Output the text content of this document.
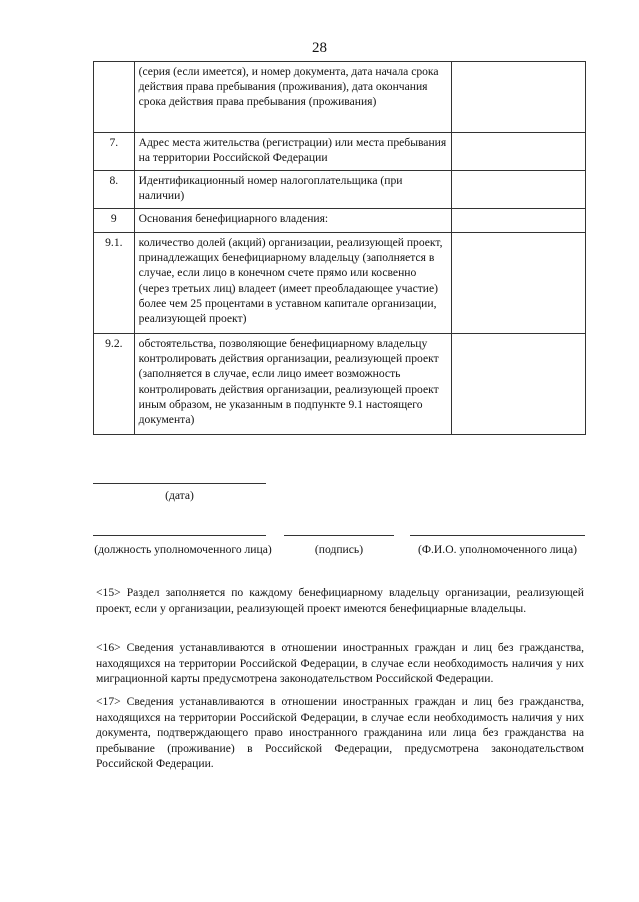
28
	(серия (если имеется), и номер документа, дата начала срока действия права пребывания (проживания), дата окончания срока действия права пребывания (проживания)	
7.	Адрес места жительства (регистрации) или места пребывания на территории Российской Федерации	
8.	Идентификационный номер налогоплательщика (при наличии)	
9	Основания бенефициарного владения:	
9.1.	количество долей (акций) организации, реализующей проект, принадлежащих бенефициарному владельцу (заполняется в случае, если лицо в конечном счете прямо или косвенно (через третьих лиц) владеет (имеет преобладающее участие) более чем 25 процентами в уставном капитале организации, реализующей проект)	
9.2.	обстоятельства, позволяющие бенефициарному владельцу контролировать действия организации, реализующей проект (заполняется в случае, если лицо имеет возможность контролировать действия организации, реализующей проект иным образом, не указанным в подпункте 9.1 настоящего документа)	
(дата)
(должность уполномоченного лица)	(подпись)	(Ф.И.О. уполномоченного лица)

<15> Раздел заполняется по каждому бенефициарному владельцу организации, реализующей проект, если у организации, реализующей проект имеются бенефициарные владельцы.

<16> Сведения устанавливаются в отношении иностранных граждан и лиц без гражданства, находящихся на территории Российской Федерации, в случае если необходимость наличия у них миграционной карты предусмотрена законодательством Российской Федерации.

<17> Сведения устанавливаются в отношении иностранных граждан и лиц без гражданства, находящихся на территории Российской Федерации, в случае если необходимость наличия у них документа, подтверждающего право иностранного гражданина или лица без гражданства на пребывание (проживание) в Российской Федерации, предусмотрена законодательством Российской Федерации.
